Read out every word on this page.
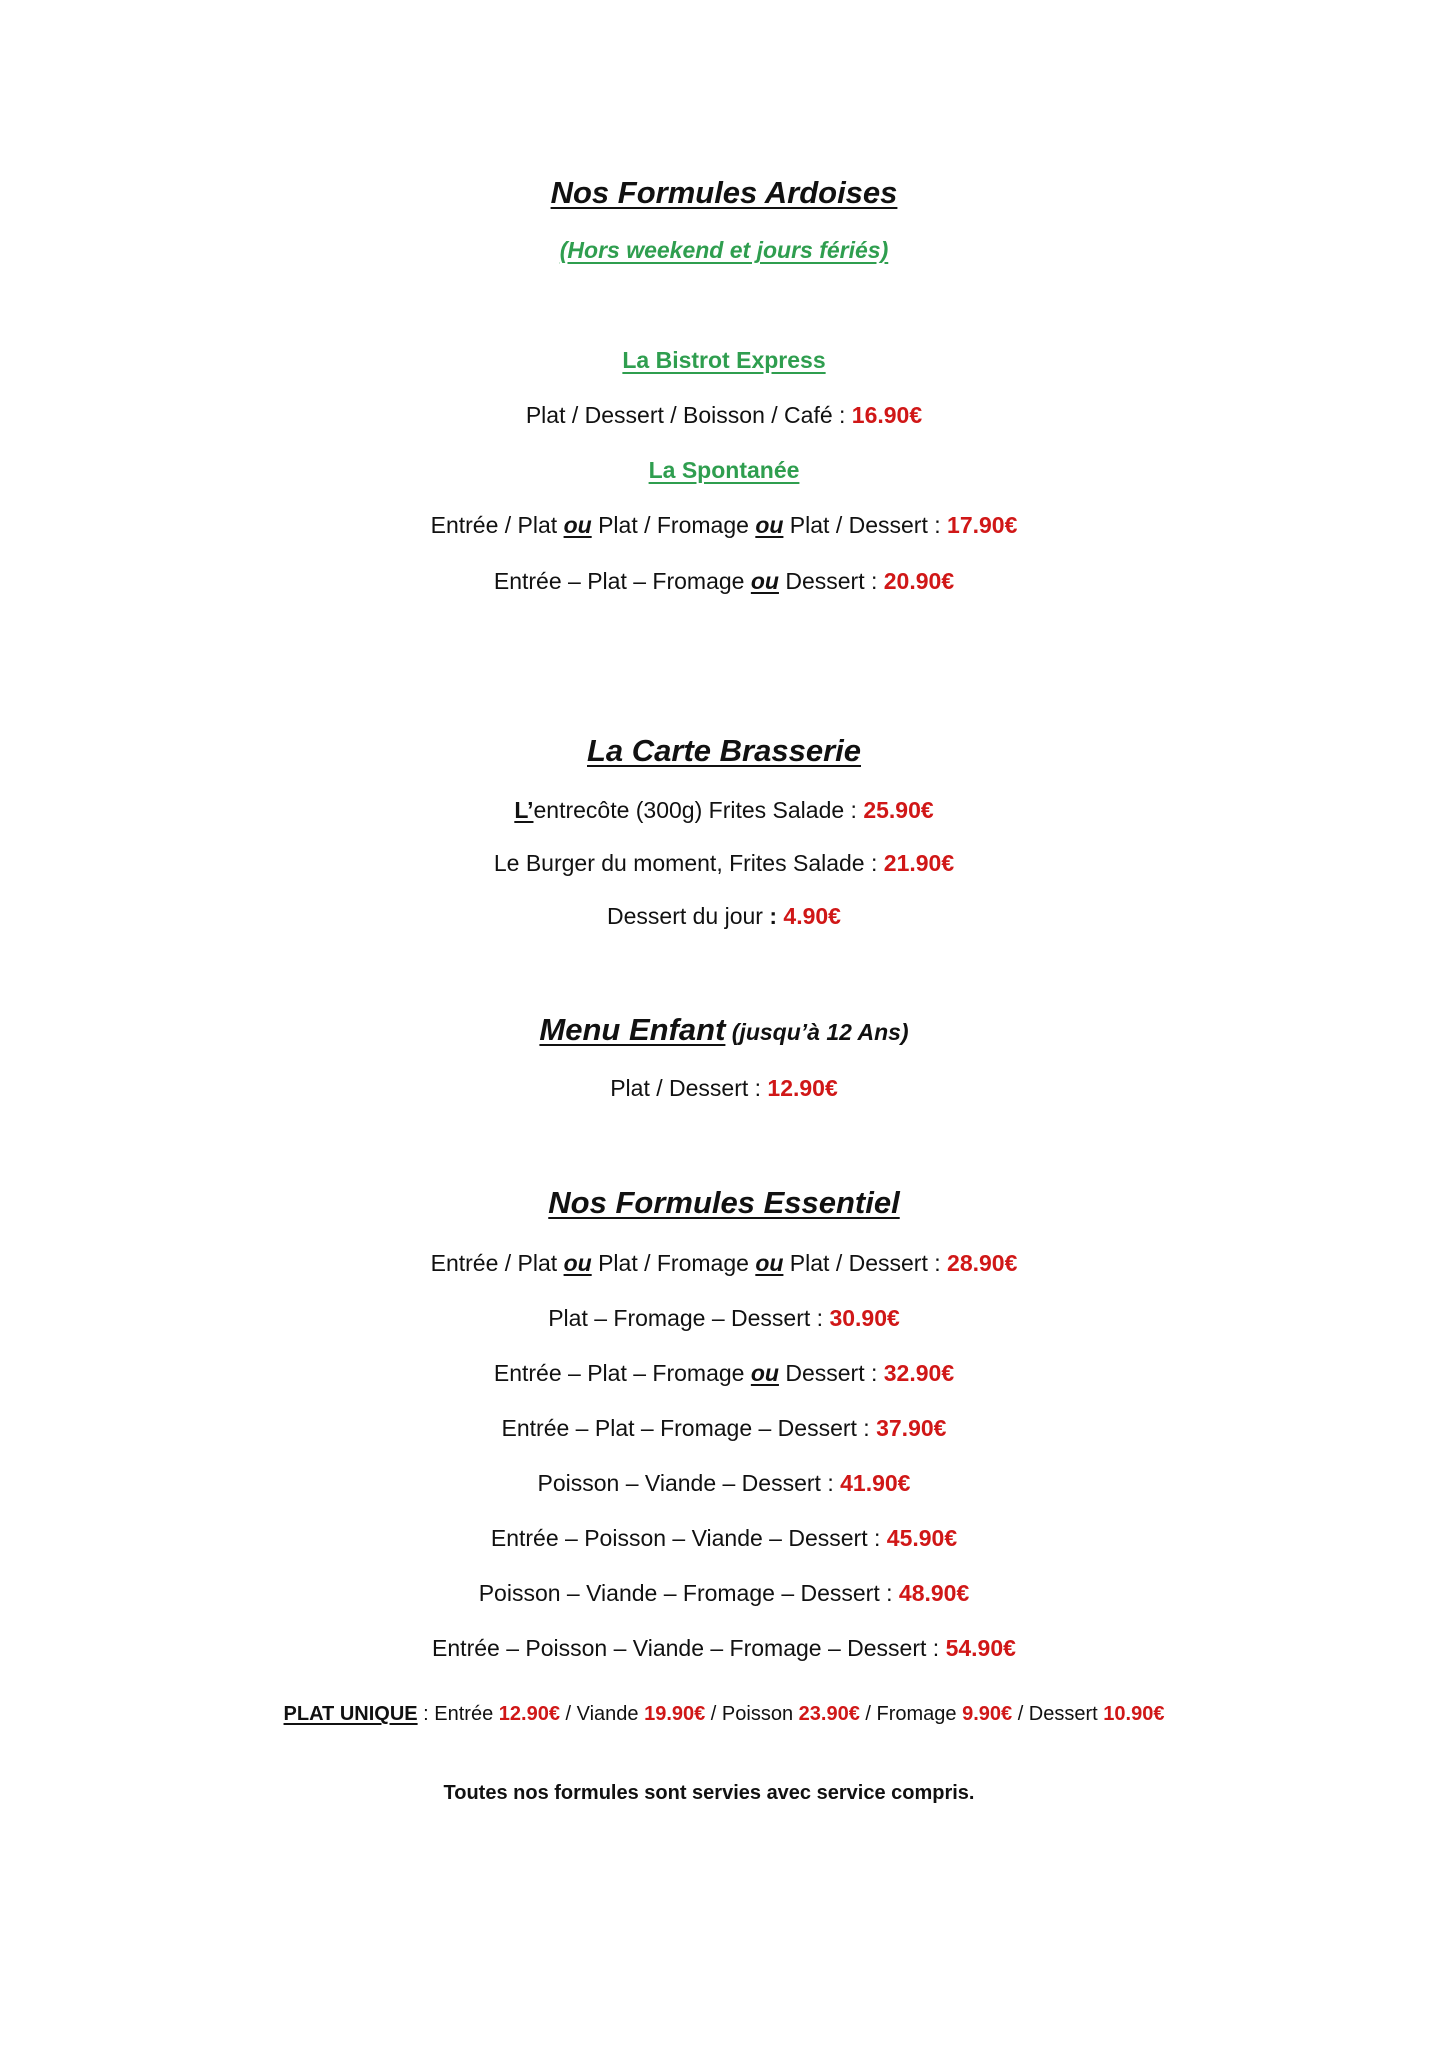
Nos Formules Ardoises
(Hors weekend et jours fériés)
La Bistrot Express
Plat / Dessert / Boisson / Café : 16.90€
La Spontanée
Entrée / Plat ou Plat / Fromage ou Plat / Dessert : 17.90€
Entrée – Plat – Fromage ou Dessert : 20.90€
La Carte Brasserie
L’entrecôte (300g) Frites Salade : 25.90€
Le Burger du moment, Frites Salade : 21.90€
Dessert du jour : 4.90€
Menu Enfant (jusqu’à 12 Ans)
Plat / Dessert : 12.90€
Nos Formules Essentiel
Entrée / Plat ou Plat / Fromage ou Plat / Dessert : 28.90€
Plat – Fromage – Dessert : 30.90€
Entrée – Plat – Fromage ou Dessert : 32.90€
Entrée – Plat – Fromage – Dessert : 37.90€
Poisson – Viande – Dessert : 41.90€
Entrée – Poisson – Viande – Dessert : 45.90€
Poisson – Viande – Fromage – Dessert : 48.90€
Entrée – Poisson – Viande – Fromage – Dessert : 54.90€
PLAT UNIQUE : Entrée 12.90€ / Viande 19.90€ / Poisson 23.90€ / Fromage 9.90€ / Dessert 10.90€
Toutes nos formules sont servies avec service compris.
